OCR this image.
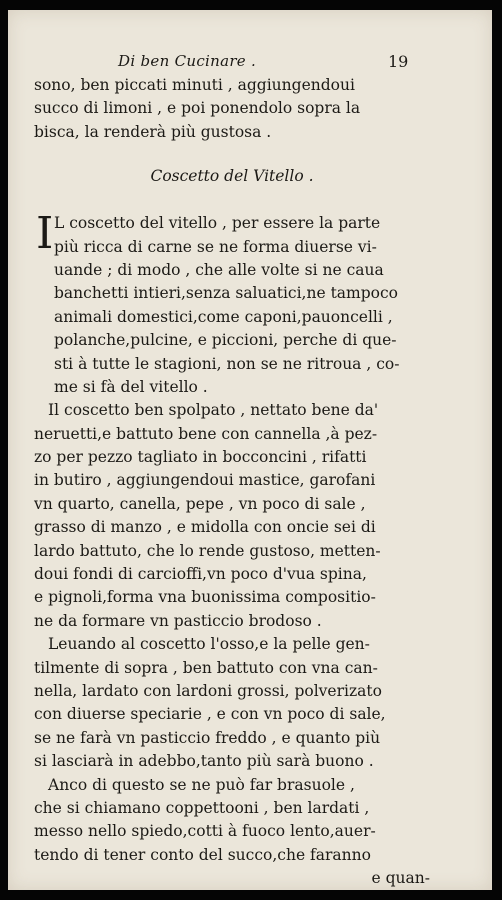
Di ben Cucinare .	19
sono, ben piccati minuti , aggiungendoui
succo di limoni , e poi ponendolo sopra la
bisca, la renderà più gustosa .
Coscetto del Vitello .
I L coscetto del vitello , per essere la parte
più ricca di carne se ne forma diuerse vi-
uande ; di modo , che alle volte si ne caua
banchetti intieri,senza saluatici,ne tampoco
animali domestici,come caponi,pauoncelli ,
polanche,pulcine, e piccioni, perche di que-
sti à tutte le stagioni, non se ne ritroua , co-
me si fà del vitello .
Il coscetto ben spolpato , nettato bene da'
neruetti,e battuto bene con cannella ,à pez-
zo per pezzo tagliato in bocconcini , rifatti
in butiro , aggiungendoui mastice, garofani
vn quarto, canella, pepe , vn poco di sale ,
grasso di manzo , e midolla con oncie sei di
lardo battuto, che lo rende gustoso, metten-
doui fondi di carcioffi,vn poco d'vua spina,
e pignoli,forma vna buonissima compositio-
ne da formare vn pasticcio brodoso .
Leuando al coscetto l'osso,e la pelle gen-
tilmente di sopra , ben battuto con vna can-
nella, lardato con lardoni grossi, polverizato
con diuerse speciarie , e con vn poco di sale,
se ne farà vn pasticcio freddo , e quanto più
si lasciarà in adebbo,tanto più sarà buono .
Anco di questo se ne può far brasuole ,
che si chiamano coppettooni , ben lardati ,
messo nello spiedo,cotti à fuoco lento,auer-
tendo di tener conto del succo,che faranno
e quan-
